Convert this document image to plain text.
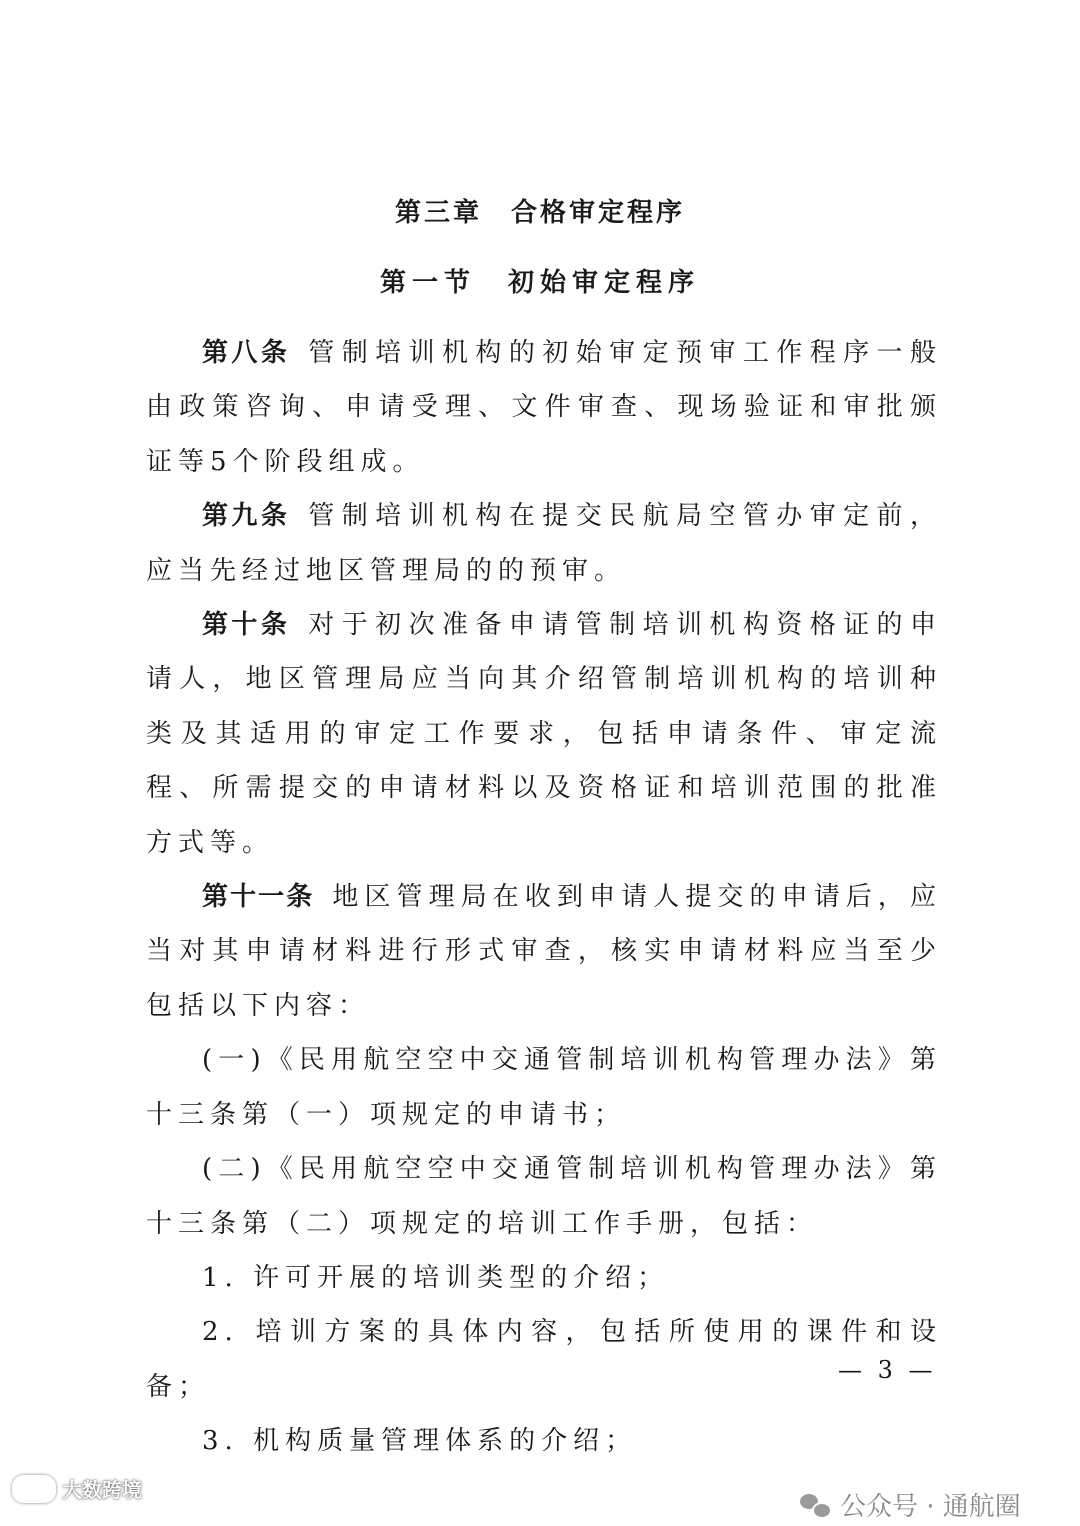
第三章　合格审定程序
第一节　初始审定程序

第八条 管制培训机构的初始审定预审工作程序一般由政策咨询、申请受理、文件审查、现场验证和审批颁证等5个阶段组成。

第九条 管制培训机构在提交民航局空管办审定前，应当先经过地区管理局的的预审。

第十条 对于初次准备申请管制培训机构资格证的申请人，地区管理局应当向其介绍管制培训机构的培训种类及其适用的审定工作要求，包括申请条件、审定流程、所需提交的申请材料以及资格证和培训范围的批准方式等。

第十一条 地区管理局在收到申请人提交的申请后，应当对其申请材料进行形式审查，核实申请材料应当至少包括以下内容：

(一)《民用航空空中交通管制培训机构管理办法》第十三条第（一）项规定的申请书；

(二)《民用航空空中交通管制培训机构管理办法》第十三条第（二）项规定的培训工作手册，包括：

1. 许可开展的培训类型的介绍；

2. 培训方案的具体内容，包括所使用的课件和设备；

3. 机构质量管理体系的介绍；

— 3 —
大数跨境
公众号 · 通航圈
